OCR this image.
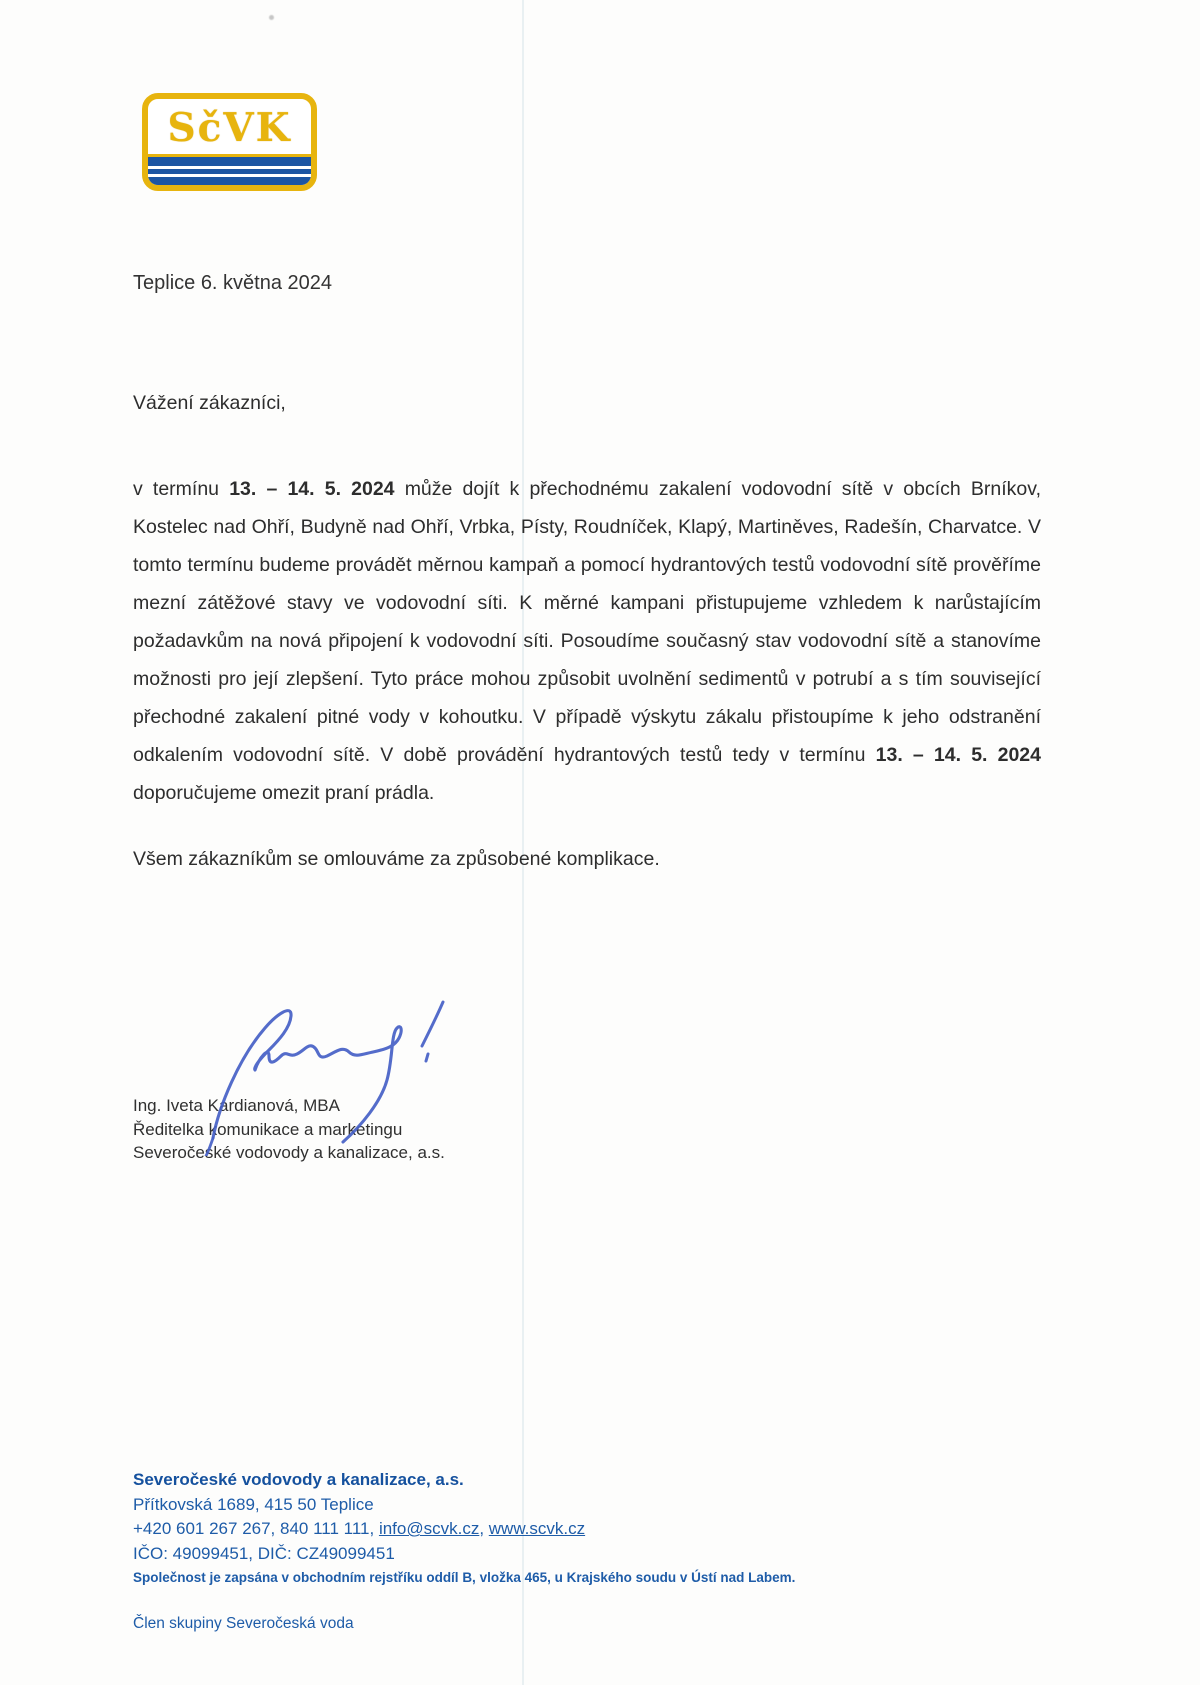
SčVK
Teplice 6. května 2024
Vážení zákazníci,

v termínu 13. – 14. 5. 2024 může dojít k přechodnému zakalení vodovodní sítě v obcích Brníkov, Kostelec nad Ohří, Budyně nad Ohří, Vrbka, Písty, Roudníček, Klapý, Martiněves, Radešín, Charvatce. V tomto termínu budeme provádět měrnou kampaň a pomocí hydrantových testů vodovodní sítě prověříme mezní zátěžové stavy ve vodovodní síti. K měrné kampani přistupujeme vzhledem k narůstajícím požadavkům na nová připojení k vodovodní síti. Posoudíme současný stav vodovodní sítě a stanovíme možnosti pro její zlepšení. Tyto práce mohou způsobit uvolnění sedimentů v potrubí a s tím související přechodné zakalení pitné vody v kohoutku. V případě výskytu zákalu přistoupíme k jeho odstranění odkalením vodovodní sítě. V době provádění hydrantových testů tedy v termínu 13. – 14. 5. 2024 doporučujeme omezit praní prádla.

Všem zákazníkům se omlouváme za způsobené komplikace.

Ing. Iveta Kardianová, MBA
Ředitelka komunikace a marketingu
Severočeské vodovody a kanalizace, a.s.
Severočeské vodovody a kanalizace, a.s.
Přítkovská 1689, 415 50 Teplice
+420 601 267 267, 840 111 111, info@scvk.cz, www.scvk.cz
IČO: 49099451, DIČ: CZ49099451
Společnost je zapsána v obchodním rejstříku oddíl B, vložka 465, u Krajského soudu v Ústí nad Labem.
Člen skupiny Severočeská voda
